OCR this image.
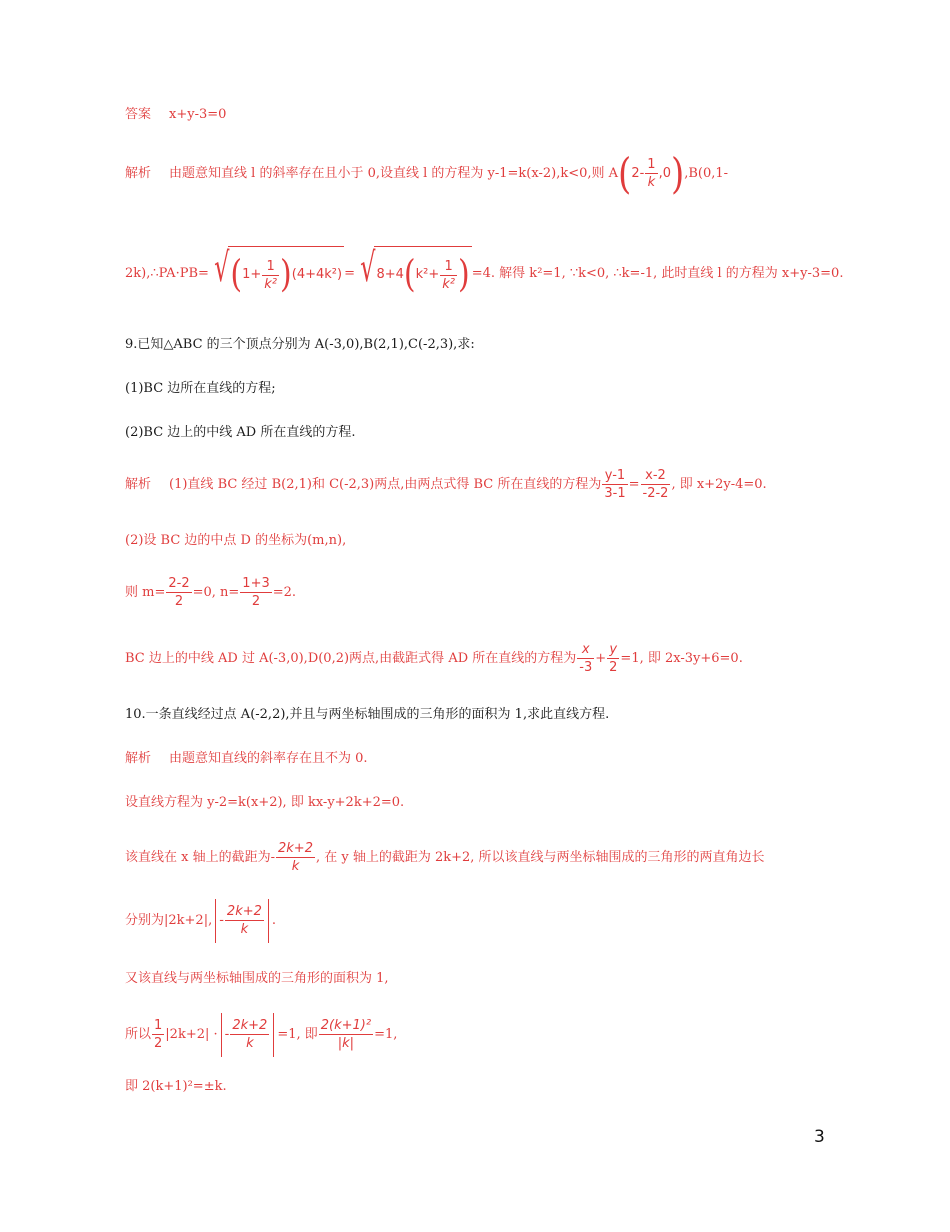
答案 x+y-3=0
解析 由题意知直线 l 的斜率存在且小于 0,设直线 l 的方程为 y-1=k(x-2),k<0,则 $A(2- \frac{1}{k} ,0),B(0,1-$
2k),∴PA·PB= √ ( $1+ \frac{1}{\text{k²}}$ ) (4+4k²) = √ 8+4 ( $k^2+ \frac{1}{\text{k²}}$ ) =4. 解得 k²=1, ∵k<0, ∴k=-1, 此时直线 l 的方程为 x+y-3=0.
9.已知△ABC 的三个顶点分别为 A(-3,0),B(2,1),C(-2,3),求:
(1)BC 边所在直线的方程;
(2)BC 边上的中线 AD 所在直线的方程.
解析 (1)直线 BC 经过 B(2,1)和 C(-2,3)两点,由两点式得 BC 所在直线的方程为 $\frac{y-1}{3-1} = \frac{x-2}{-2-2}$ , 即 x+2y-4=0.
(2)设 BC 边的中点 D 的坐标为(m,n),
则 $m= \frac{2-2}{2} =0$, $n= \frac{1+3}{2} =2$.
BC 边上的中线 AD 过 A(-3,0),D(0,2)两点,由截距式得 AD 所在直线的方程为 $\frac{x}{-3} + \frac{y}{2} =1$, 即 2x-3y+6=0.
10.一条直线经过点 A(-2,2),并且与两坐标轴围成的三角形的面积为 1,求此直线方程.
解析 由题意知直线的斜率存在且不为 0.
设直线方程为 y-2=k(x+2), 即 kx-y+2k+2=0.
该直线在 x 轴上的截距为- $\frac{2k+2}{k}$ , 在 y 轴上的截距为 2k+2, 所以该直线与两坐标轴围成的三角形的两直角边长
分别为|2k+2|, - $\frac{2k+2}{k}$ .
又该直线与两坐标轴围成的三角形的面积为 1,
所以 $\frac{1}{2} |2k+2|$ · - $\frac{2k+2}{k} =1$, 即 $\frac{\text{2(k+1)²}}{|k|} =1$,
即 2(k+1)²=±k.
3
